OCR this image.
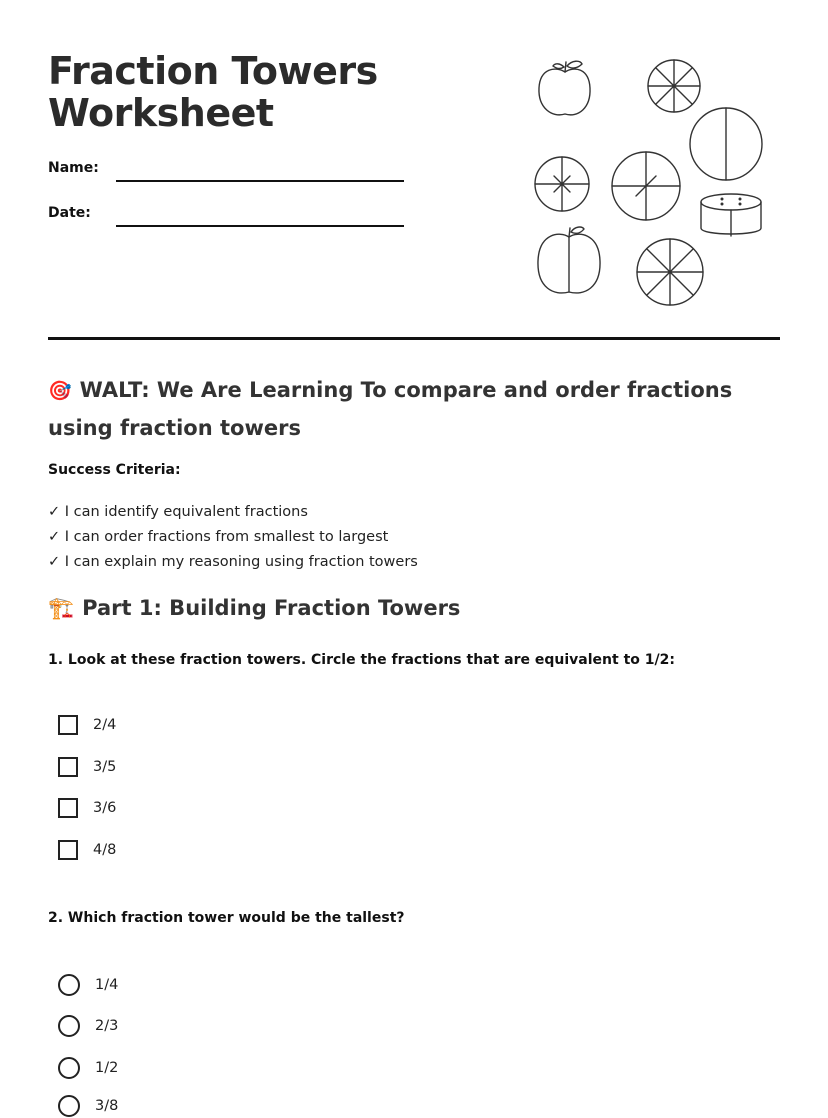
Fraction Towers
Worksheet
Name:
Date:
🎯 WALT: We Are Learning To compare and order fractions using fraction towers
Success Criteria:
✓ I can identify equivalent fractions
✓ I can order fractions from smallest to largest
✓ I can explain my reasoning using fraction towers
🏗️ Part 1: Building Fraction Towers
1. Look at these fraction towers. Circle the fractions that are equivalent to 1/2:
2/4
3/5
3/6
4/8
2. Which fraction tower would be the tallest?
1/4
2/3
1/2
3/8
